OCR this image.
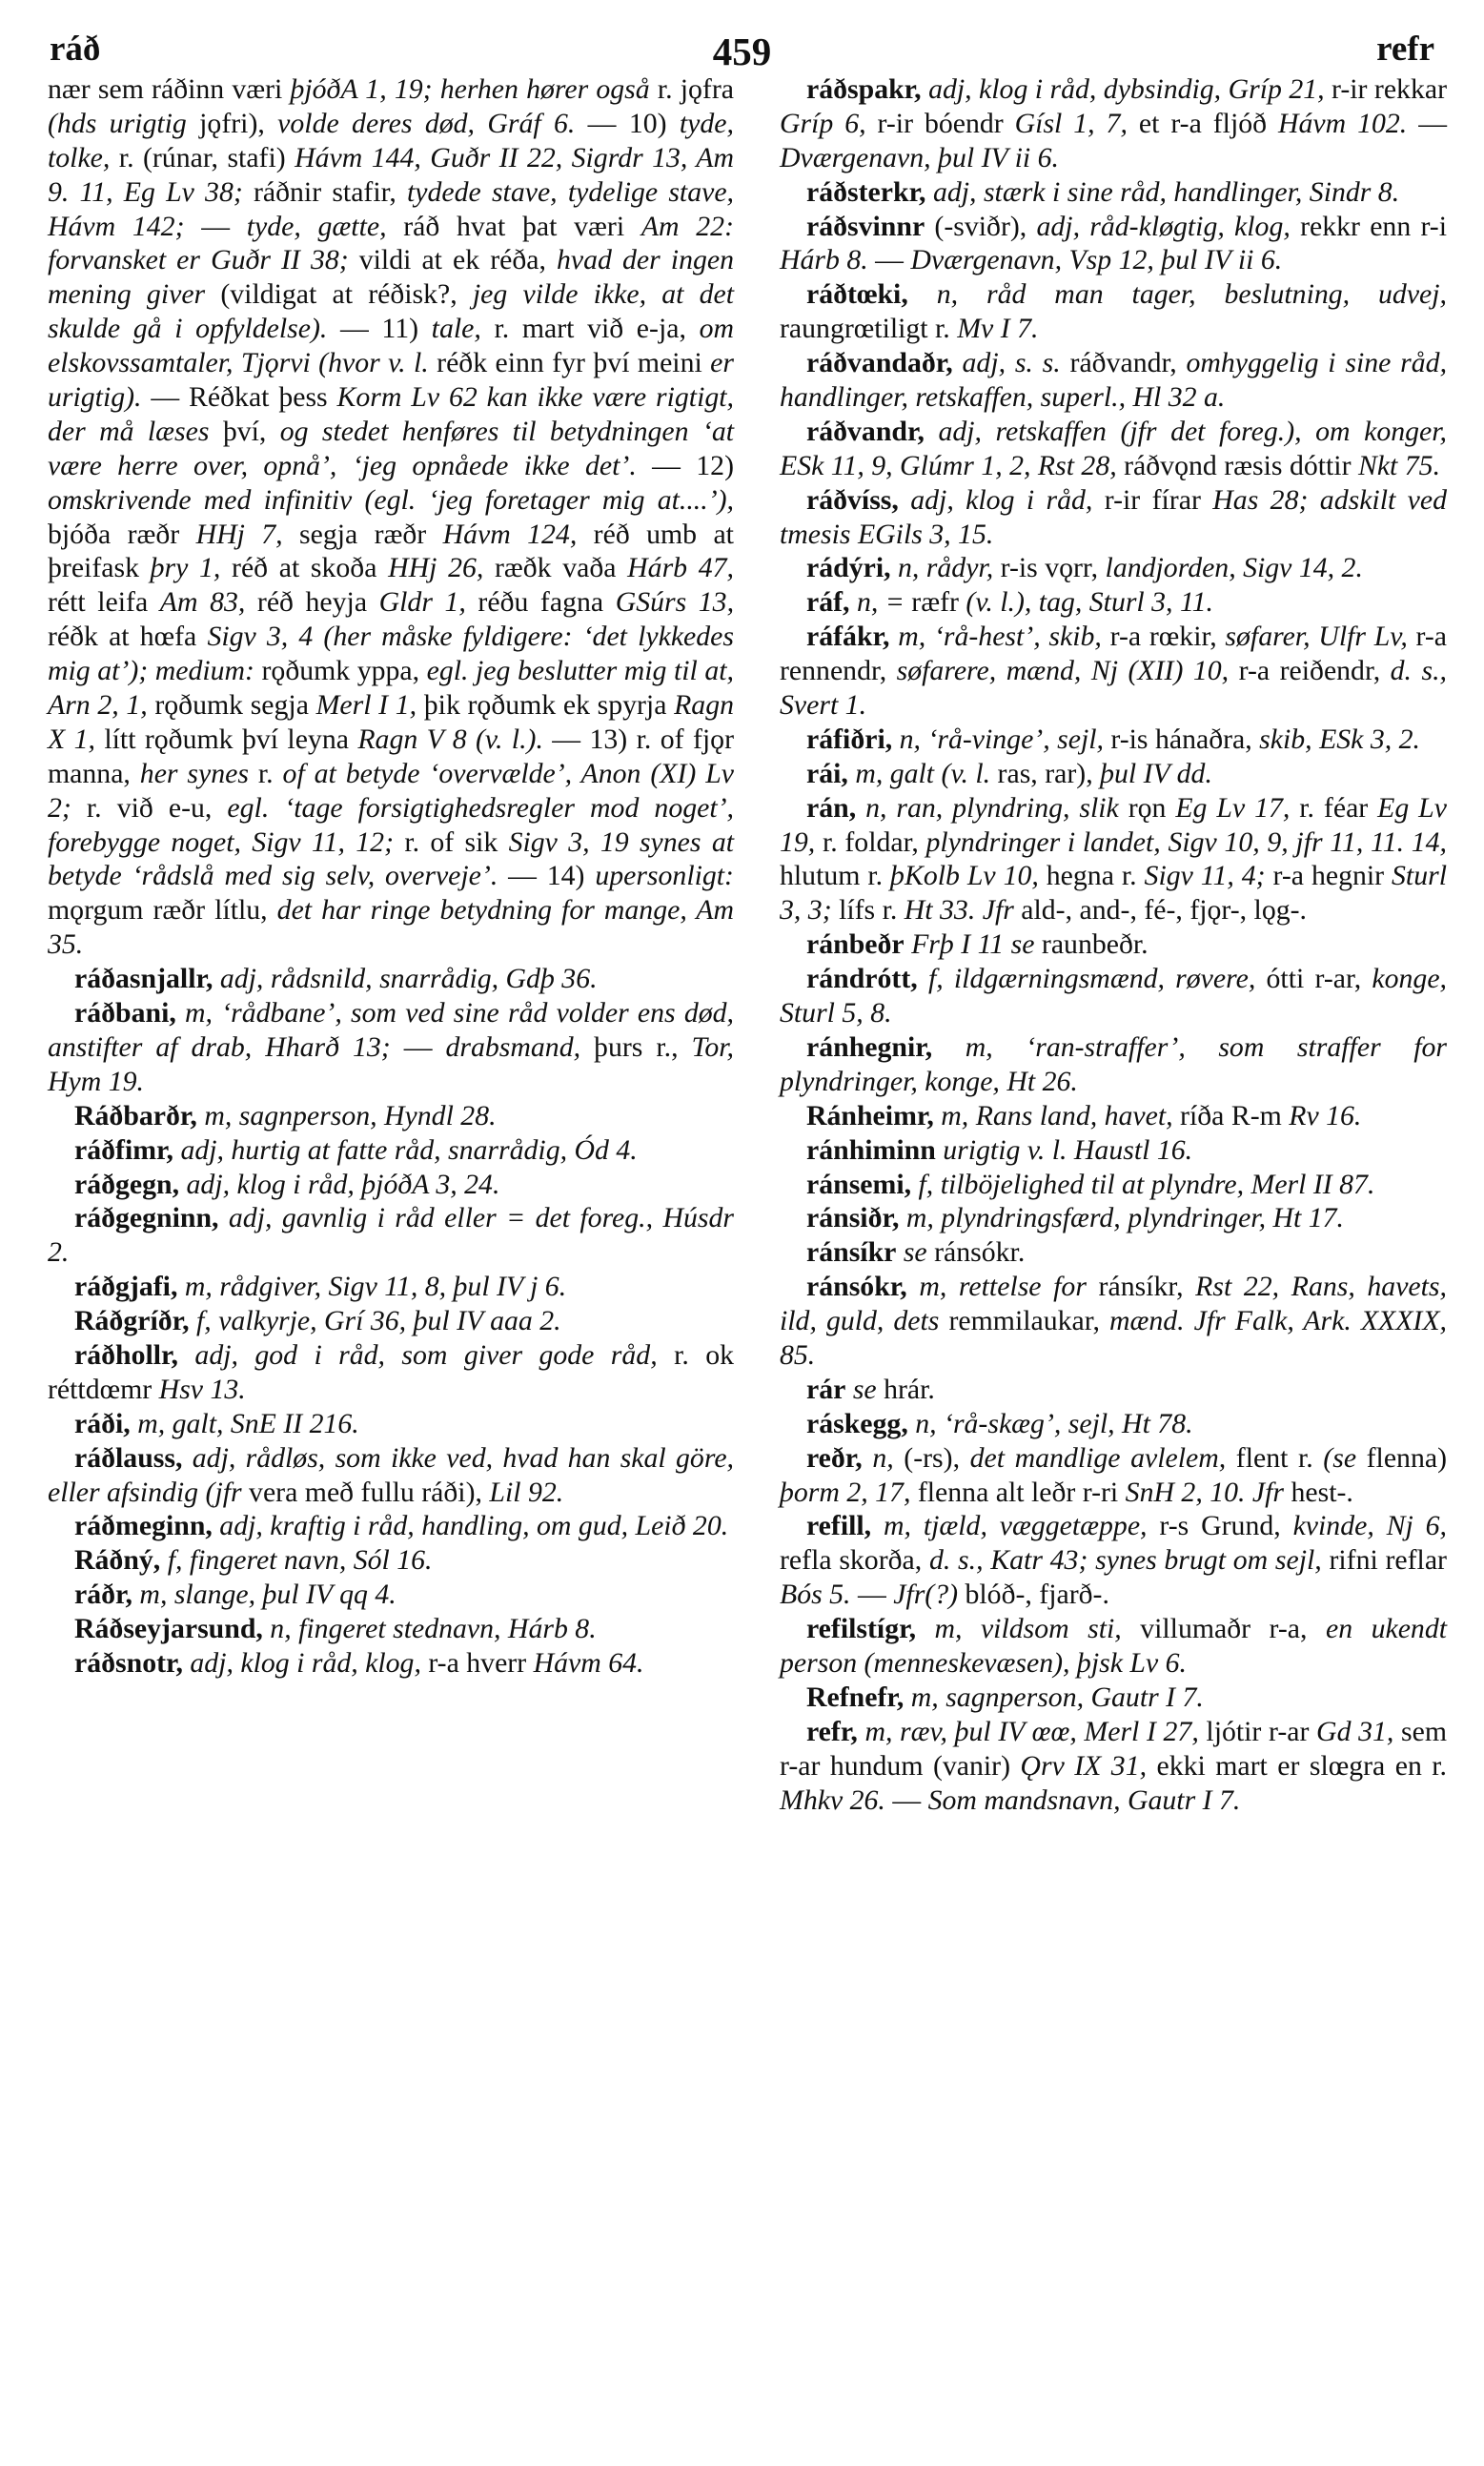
ráð	459	refr

nær sem ráðinn væri þjóðA 1, 19; herhen hører også r. jǫfra (hds urigtig jǫfri), volde deres død, Gráf 6. — 10) tyde, tolke, r. (rúnar, stafi) Hávm 144, Guðr II 22, Sigrdr 13, Am 9. 11, Eg Lv 38; ráðnir stafir, tydede stave, tydelige stave, Hávm 142; — tyde, gætte, ráð hvat þat væri Am 22: forvansket er Guðr II 38; vildi at ek réða, hvad der ingen mening giver (vildigat at réðisk?, jeg vilde ikke, at det skulde gå i opfyldelse). — 11) tale, r. mart við e-ja, om elskovssamtaler, Tjǫrvi (hvor v. l. réðk einn fyr því meini er urigtig). — Réðkat þess Korm Lv 62 kan ikke være rigtigt, der må læses því, og stedet henføres til betydningen ‘at være herre over, opnå’, ‘jeg opnåede ikke det’. — 12) omskrivende med infinitiv (egl. ‘jeg foretager mig at....’), bjóða ræðr HHj 7, segja ræðr Hávm 124, réð umb at þreifask þry 1, réð at skoða HHj 26, ræðk vaða Hárb 47, rétt leifa Am 83, réð heyja Gldr 1, réðu fagna GSúrs 13, réðk at hœfa Sigv 3, 4 (her måske fyldigere: ‘det lykkedes mig at’); medium: rǫðumk yppa, egl. jeg beslutter mig til at, Arn 2, 1, rǫðumk segja Merl I 1, þik rǫðumk ek spyrja Ragn X 1, lítt rǫðumk því leyna Ragn V 8 (v. l.). — 13) r. of fjǫr manna, her synes r. of at betyde ‘overvælde’, Anon (XI) Lv 2; r. við e-u, egl. ‘tage forsigtighedsregler mod noget’, forebygge noget, Sigv 11, 12; r. of sik Sigv 3, 19 synes at betyde ‘rådslå med sig selv, overveje’. — 14) upersonligt: mǫrgum ræðr lítlu, det har ringe betydning for mange, Am 35.

ráðasnjallr, adj, rådsnild, snarrådig, Gdþ 36.

ráðbani, m, ‘rådbane’, som ved sine råd volder ens død, anstifter af drab, Hharð 13; — drabsmand, þurs r., Tor, Hym 19.

Ráðbarðr, m, sagnperson, Hyndl 28.

ráðfimr, adj, hurtig at fatte råd, snarrådig, Ód 4.

ráðgegn, adj, klog i råd, þjóðA 3, 24.

ráðgegninn, adj, gavnlig i råd eller = det foreg., Húsdr 2.

ráðgjafi, m, rådgiver, Sigv 11, 8, þul IV j 6.

Ráðgríðr, f, valkyrje, Grí 36, þul IV aaa 2.

ráðhollr, adj, god i råd, som giver gode råd, r. ok réttdœmr Hsv 13.

ráði, m, galt, SnE II 216.

ráðlauss, adj, rådløs, som ikke ved, hvad han skal göre, eller afsindig (jfr vera með fullu ráði), Lil 92.

ráðmeginn, adj, kraftig i råd, handling, om gud, Leið 20.

Ráðný, f, fingeret navn, Sól 16.

ráðr, m, slange, þul IV qq 4.

Ráðseyjarsund, n, fingeret stednavn, Hárb 8.

ráðsnotr, adj, klog i råd, klog, r-a hverr Hávm 64.

ráðspakr, adj, klog i råd, dybsindig, Gríp 21, r-ir rekkar Gríp 6, r-ir bóendr Gísl 1, 7, et r-a fljóð Hávm 102. — Dværgenavn, þul IV ii 6.

ráðsterkr, adj, stærk i sine råd, handlinger, Sindr 8.

ráðsvinnr (-sviðr), adj, råd-kløgtig, klog, rekkr enn r-i Hárb 8. — Dværgenavn, Vsp 12, þul IV ii 6.

ráðtœki, n, råd man tager, beslutning, udvej, raungrœtiligt r. Mv I 7.

ráðvandaðr, adj, s. s. ráðvandr, omhyggelig i sine råd, handlinger, retskaffen, superl., Hl 32 a.

ráðvandr, adj, retskaffen (jfr det foreg.), om konger, ESk 11, 9, Glúmr 1, 2, Rst 28, ráðvǫnd ræsis dóttir Nkt 75.

ráðvíss, adj, klog i råd, r-ir fírar Has 28; adskilt ved tmesis EGils 3, 15.

rádýri, n, rådyr, r-is vǫrr, landjorden, Sigv 14, 2.

ráf, n, = ræfr (v. l.), tag, Sturl 3, 11.

ráfákr, m, ‘rå-hest’, skib, r-a rœkir, søfarer, Ulfr Lv, r-a rennendr, søfarere, mænd, Nj (XII) 10, r-a reiðendr, d. s., Svert 1.

ráfiðri, n, ‘rå-vinge’, sejl, r-is hánaðra, skib, ESk 3, 2.

rái, m, galt (v. l. ras, rar), þul IV dd.

rán, n, ran, plyndring, slik rǫn Eg Lv 17, r. féar Eg Lv 19, r. foldar, plyndringer i landet, Sigv 10, 9, jfr 11, 11. 14, hlutum r. þKolb Lv 10, hegna r. Sigv 11, 4; r-a hegnir Sturl 3, 3; lífs r. Ht 33. Jfr ald-, and-, fé-, fjǫr-, lǫg-.

ránbeðr Frþ I 11 se raunbeðr.

rándrótt, f, ildgærningsmænd, røvere, ótti r-ar, konge, Sturl 5, 8.

ránhegnir, m, ‘ran-straffer’, som straffer for plyndringer, konge, Ht 26.

Ránheimr, m, Rans land, havet, ríða R-m Rv 16.

ránhiminn urigtig v. l. Haustl 16.

ránsemi, f, tilböjelighed til at plyndre, Merl II 87.

ránsiðr, m, plyndringsfærd, plyndringer, Ht 17.

ránsíkr se ránsókr.

ránsókr, m, rettelse for ránsíkr, Rst 22, Rans, havets, ild, guld, dets remmilaukar, mænd. Jfr Falk, Ark. XXXIX, 85.

rár se hrár.

ráskegg, n, ‘rå-skæg’, sejl, Ht 78.

reðr, n, (-rs), det mandlige avlelem, flent r. (se flenna) þorm 2, 17, flenna alt leðr r-ri SnH 2, 10. Jfr hest-.

refill, m, tjæld, væggetæppe, r-s Grund, kvinde, Nj 6, refla skorða, d. s., Katr 43; synes brugt om sejl, rifni reflar Bós 5. — Jfr(?) blóð-, fjarð-.

refilstígr, m, vildsom sti, villumaðr r-a, en ukendt person (menneskevæsen), þjsk Lv 6.

Refnefr, m, sagnperson, Gautr I 7.

refr, m, ræv, þul IV œœ, Merl I 27, ljótir r-ar Gd 31, sem r-ar hundum (vanir) Ǫrv IX 31, ekki mart er slœgra en r. Mhkv 26. — Som mandsnavn, Gautr I 7.
